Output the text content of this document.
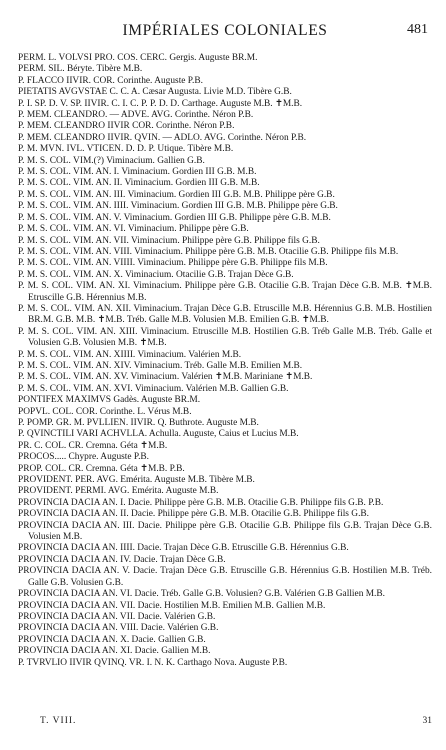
IMPÉRIALES COLONIALES	481

PERM. L. VOLVSI PRO. COS. CERC. Gergis. Auguste BR.M.

PERM. SIL. Béryte. Tibère M.B.

P. FLACCO IIVIR. COR. Corinthe. Auguste P.B.

PIETATIS AVGVSTAE C. C. A. Cæsar Augusta. Livie M.D. Tibère G.B.

P. I. SP. D. V. SP. IIVIR. C. I. C. P. P. D. D. Carthage. Auguste M.B. ✝M.B.

P. MEM. CLEANDRO. — ADVE. AVG. Corinthe. Néron P.B.

P. MEM. CLEANDRO IIVIR COR. Corinthe. Néron P.B.

P. MEM. CLEANDRO IIVIR. QVIN. — ADLO. AVG. Corinthe. Néron P.B.

P. M. MVN. IVL. VTICEN. D. D. P. Utique. Tibère M.B.

P. M. S. COL. VIM.(?) Viminacium. Gallien G.B.

P. M. S. COL. VIM. AN. I. Viminacium. Gordien III G.B. M.B.

P. M. S. COL. VIM. AN. II. Viminacium. Gordien III G.B. M.B.

P. M. S. COL. VIM. AN. III. Viminacium. Gordien III G.B. M.B. Philippe père G.B.

P. M. S. COL. VIM. AN. IIII. Viminacium. Gordien III G.B. M.B. Philippe père G.B.

P. M. S. COL. VIM. AN. V. Viminacium. Gordien III G.B. Philippe père G.B. M.B.

P. M. S. COL. VIM. AN. VI. Viminacium. Philippe père G.B.

P. M. S. COL. VIM. AN. VII. Viminacium. Philippe père G.B. Philippe fils G.B.

P. M. S. COL. VIM. AN. VIII. Viminacium. Philippe père G.B. M.B. Otacilie G.B. Philippe fils M.B.

P. M. S. COL. VIM. AN. VIIII. Viminacium. Philippe père G.B. Philippe fils M.B.

P. M. S. COL. VIM. AN. X. Viminacium. Otacilie G.B. Trajan Dèce G.B.

P. M. S. COL. VIM. AN. XI. Viminacium. Philippe père G.B. Otacilie G.B. Trajan Dèce G.B. M.B. ✝M.B. Etruscille G.B. Hérennius M.B.

P. M. S. COL. VIM. AN. XII. Viminacium. Trajan Dèce G.B. Etruscille M.B. Hérennius G.B. M.B. Hostilien BR.M. G.B. M.B. ✝M.B. Tréb. Galle M.B. Volusien M.B. Emilien G.B. ✝M.B.

P. M. S. COL. VIM. AN. XIII. Viminacium. Etruscille M.B. Hostilien G.B. Tréb Galle M.B. Tréb. Galle et Volusien G.B. Volusien M.B. ✝M.B.

P. M. S. COL. VIM. AN. XIIII. Viminacium. Valérien M.B.

P. M. S. COL. VIM. AN. XIV. Viminacium. Tréb. Galle M.B. Emilien M.B.

P. M. S. COL. VIM. AN. XV. Viminacium. Valérien ✝M.B. Mariniane ✝M.B.

P. M. S. COL. VIM. AN. XVI. Viminacium. Valérien M.B. Gallien G.B.

PONTIFEX MAXIMVS Gadès. Auguste BR.M.

POPVL. COL. COR. Corinthe. L. Vérus M.B.

P. POMP. GR. M. PVLLIEN. IIVIR. Q. Buthrote. Auguste M.B.

P. QVINCTILI VARI ACHVLLA. Achulla. Auguste, Caius et Lucius M.B.

PR. C. COL. CR. Cremna. Géta ✝M.B.

PROCOS..... Chypre. Auguste P.B.

PROP. COL. CR. Cremna. Géta ✝M.B. P.B.

PROVIDENT. PER. AVG. Emérita. Auguste M.B. Tibère M.B.

PROVIDENT. PERMI. AVG. Emérita. Auguste M.B.

PROVINCIA DACIA AN. I. Dacie. Philippe père G.B. M.B. Otacilie G.B. Philippe fils G.B. P.B.

PROVINCIA DACIA AN. II. Dacie. Philippe père G.B. M.B. Otacilie G.B. Philippe fils G.B.

PROVINCIA DACIA AN. III. Dacie. Philippe père G.B. Otacilie G.B. Philippe fils G.B. Trajan Dèce G.B. Volusien M.B.

PROVINCIA DACIA AN. IIII. Dacie. Trajan Dèce G.B. Etruscille G.B. Hérennius G.B.

PROVINCIA DACIA AN. IV. Dacie. Trajan Dèce G.B.

PROVINCIA DACIA AN. V. Dacie. Trajan Dèce G.B. Etruscille G.B. Hérennius G.B. Hostilien M.B. Tréb. Galle G.B. Volusien G.B.

PROVINCIA DACIA AN. VI. Dacie. Tréb. Galle G.B. Volusien? G.B. Valérien G.B Gallien M.B.

PROVINCIA DACIA AN. VII. Dacie. Hostilien M.B. Emilien M.B. Gallien M.B.

PROVINCIA DACIA AN. VII. Dacie. Valérien G.B.

PROVINCIA DACIA AN. VIII. Dacie. Valérien G.B.

PROVINCIA DACIA AN. X. Dacie. Gallien G.B.

PROVINCIA DACIA AN. XI. Dacie. Gallien M.B.

P. TVRVLIO IIVIR QVINQ. VR. I. N. K. Carthago Nova. Auguste P.B.

T. VIII.	31
